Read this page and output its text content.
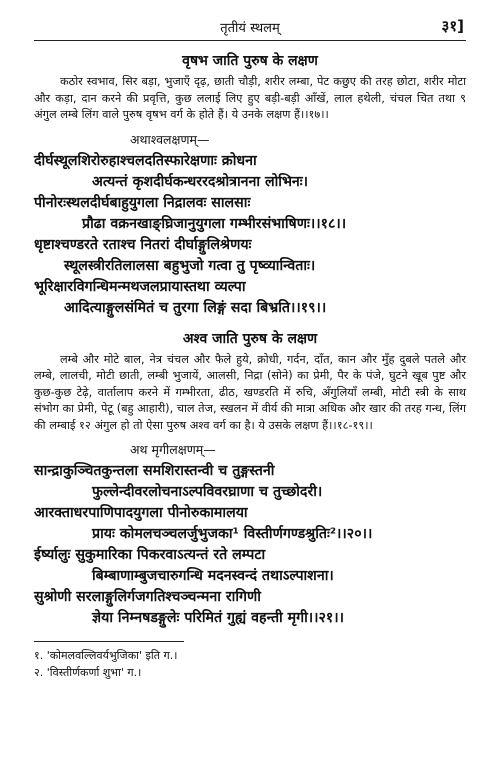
तृतीयं स्थलम्	३१]
वृषभ जाति पुरुष के लक्षण

कठोर स्वभाव, सिर बड़ा, भुजाएँ दृढ़, छाती चौड़ी, शरीर लम्बा, पेट कछुए की तरह छोटा, शरीर मोटा और कड़ा, दान करने की प्रवृत्ति, कुछ ललाई लिए हुए बड़ी-बड़ी आँखें, लाल हथेली, चंचल चित तथा ९ अंगुल लम्बे लिंग वाले पुरुष वृषभ वर्ग के होते हैं। ये उनके लक्षण हैं।।१७।।

अथाश्वलक्षणम्—
दीर्घस्थूलशिरोरुहाश्चलदतिस्फारेक्षणाः क्रोधना
अत्यन्तं कृशदीर्घकन्धररदश्रोत्रानना लोभिनः।
पीनोरःस्थलदीर्घबाहुयुगला निद्रालवः सालसाः
प्रौढा वक्रनखाङ्घ्रिजानुयुगला गम्भीरसंभाषिणः।।१८।।
धृष्टाश्चण्डरते रताश्च नितरां दीर्घाङ्गुलिश्रेणयः
स्थूलस्त्रीरतिलालसा बहुभुजो गत्वा तु पृष्व्यान्विताः।
भूरिक्षारविगन्धिमन्मथजलप्रायास्तथा व्यल्पा
आदित्याङ्गुलसंमितं च तुरगा लिङ्गं सदा बिभ्रति।।१९।।
अश्व जाति पुरुष के लक्षण

लम्बे और मोटे बाल, नेत्र चंचल और फैले हुये, क्रोधी, गर्दन, दाँत, कान और मुँह दुबले पतले और लम्बे, लालची, मोटी छाती, लम्बी भुजायें, आलसी, निद्रा (सोने) का प्रेमी, पैर के पंजे, घुटने खूब पुष्ट और कुछ-कुछ टेढ़े, वार्तालाप करने में गम्भीरता, ढीठ, खण्डरति में रुचि, अँगुलियाँ लम्बी, मोटी स्त्री के साथ संभोग का प्रेमी, पेटू (बहु आहारी), चाल तेज, स्खलन में वीर्य की मात्रा अधिक और खार की तरह गन्ध, लिंग की लम्बाई १२ अंगुल हो तो ऐसा पुरुष अश्व वर्ग का है। ये उसके लक्षण हैं।।१८-१९।।

अथ मृगीलक्षणम्—
सान्द्राकुञ्चितकुन्तला समशिरास्तन्वी च तुङ्गस्तनी
फुल्लेन्दीवरलोचनाऽल्पविवरघ्राणा च तुच्छोदरी।
आरक्ताधरपाणिपादयुगला पीनोरुकामालया
प्रायः कोमलचञ्चलर्जुभुजका¹ विस्तीर्णगण्डश्रुतिः²।।२०।।
ईर्ष्यालुः सुकुमारिका पिकरवाऽत्यन्तं रते लम्पटा
बिम्बाणाम्बुजचारुगन्धि मदनस्वन्दं तथाऽल्पाशना।
सुश्रोणी सरलाङ्गुलिर्गजगतिश्चञ्चन्मना रागिणी
ज्ञेया निम्नषडङ्गुलेः परिमितं गुह्यं वहन्ती मृगी।।२१।।
१. 'कोमलवल्लिवर्यभुजिका' इति ग.।
२. 'विस्तीर्णकर्णा शुभा' ग.।
